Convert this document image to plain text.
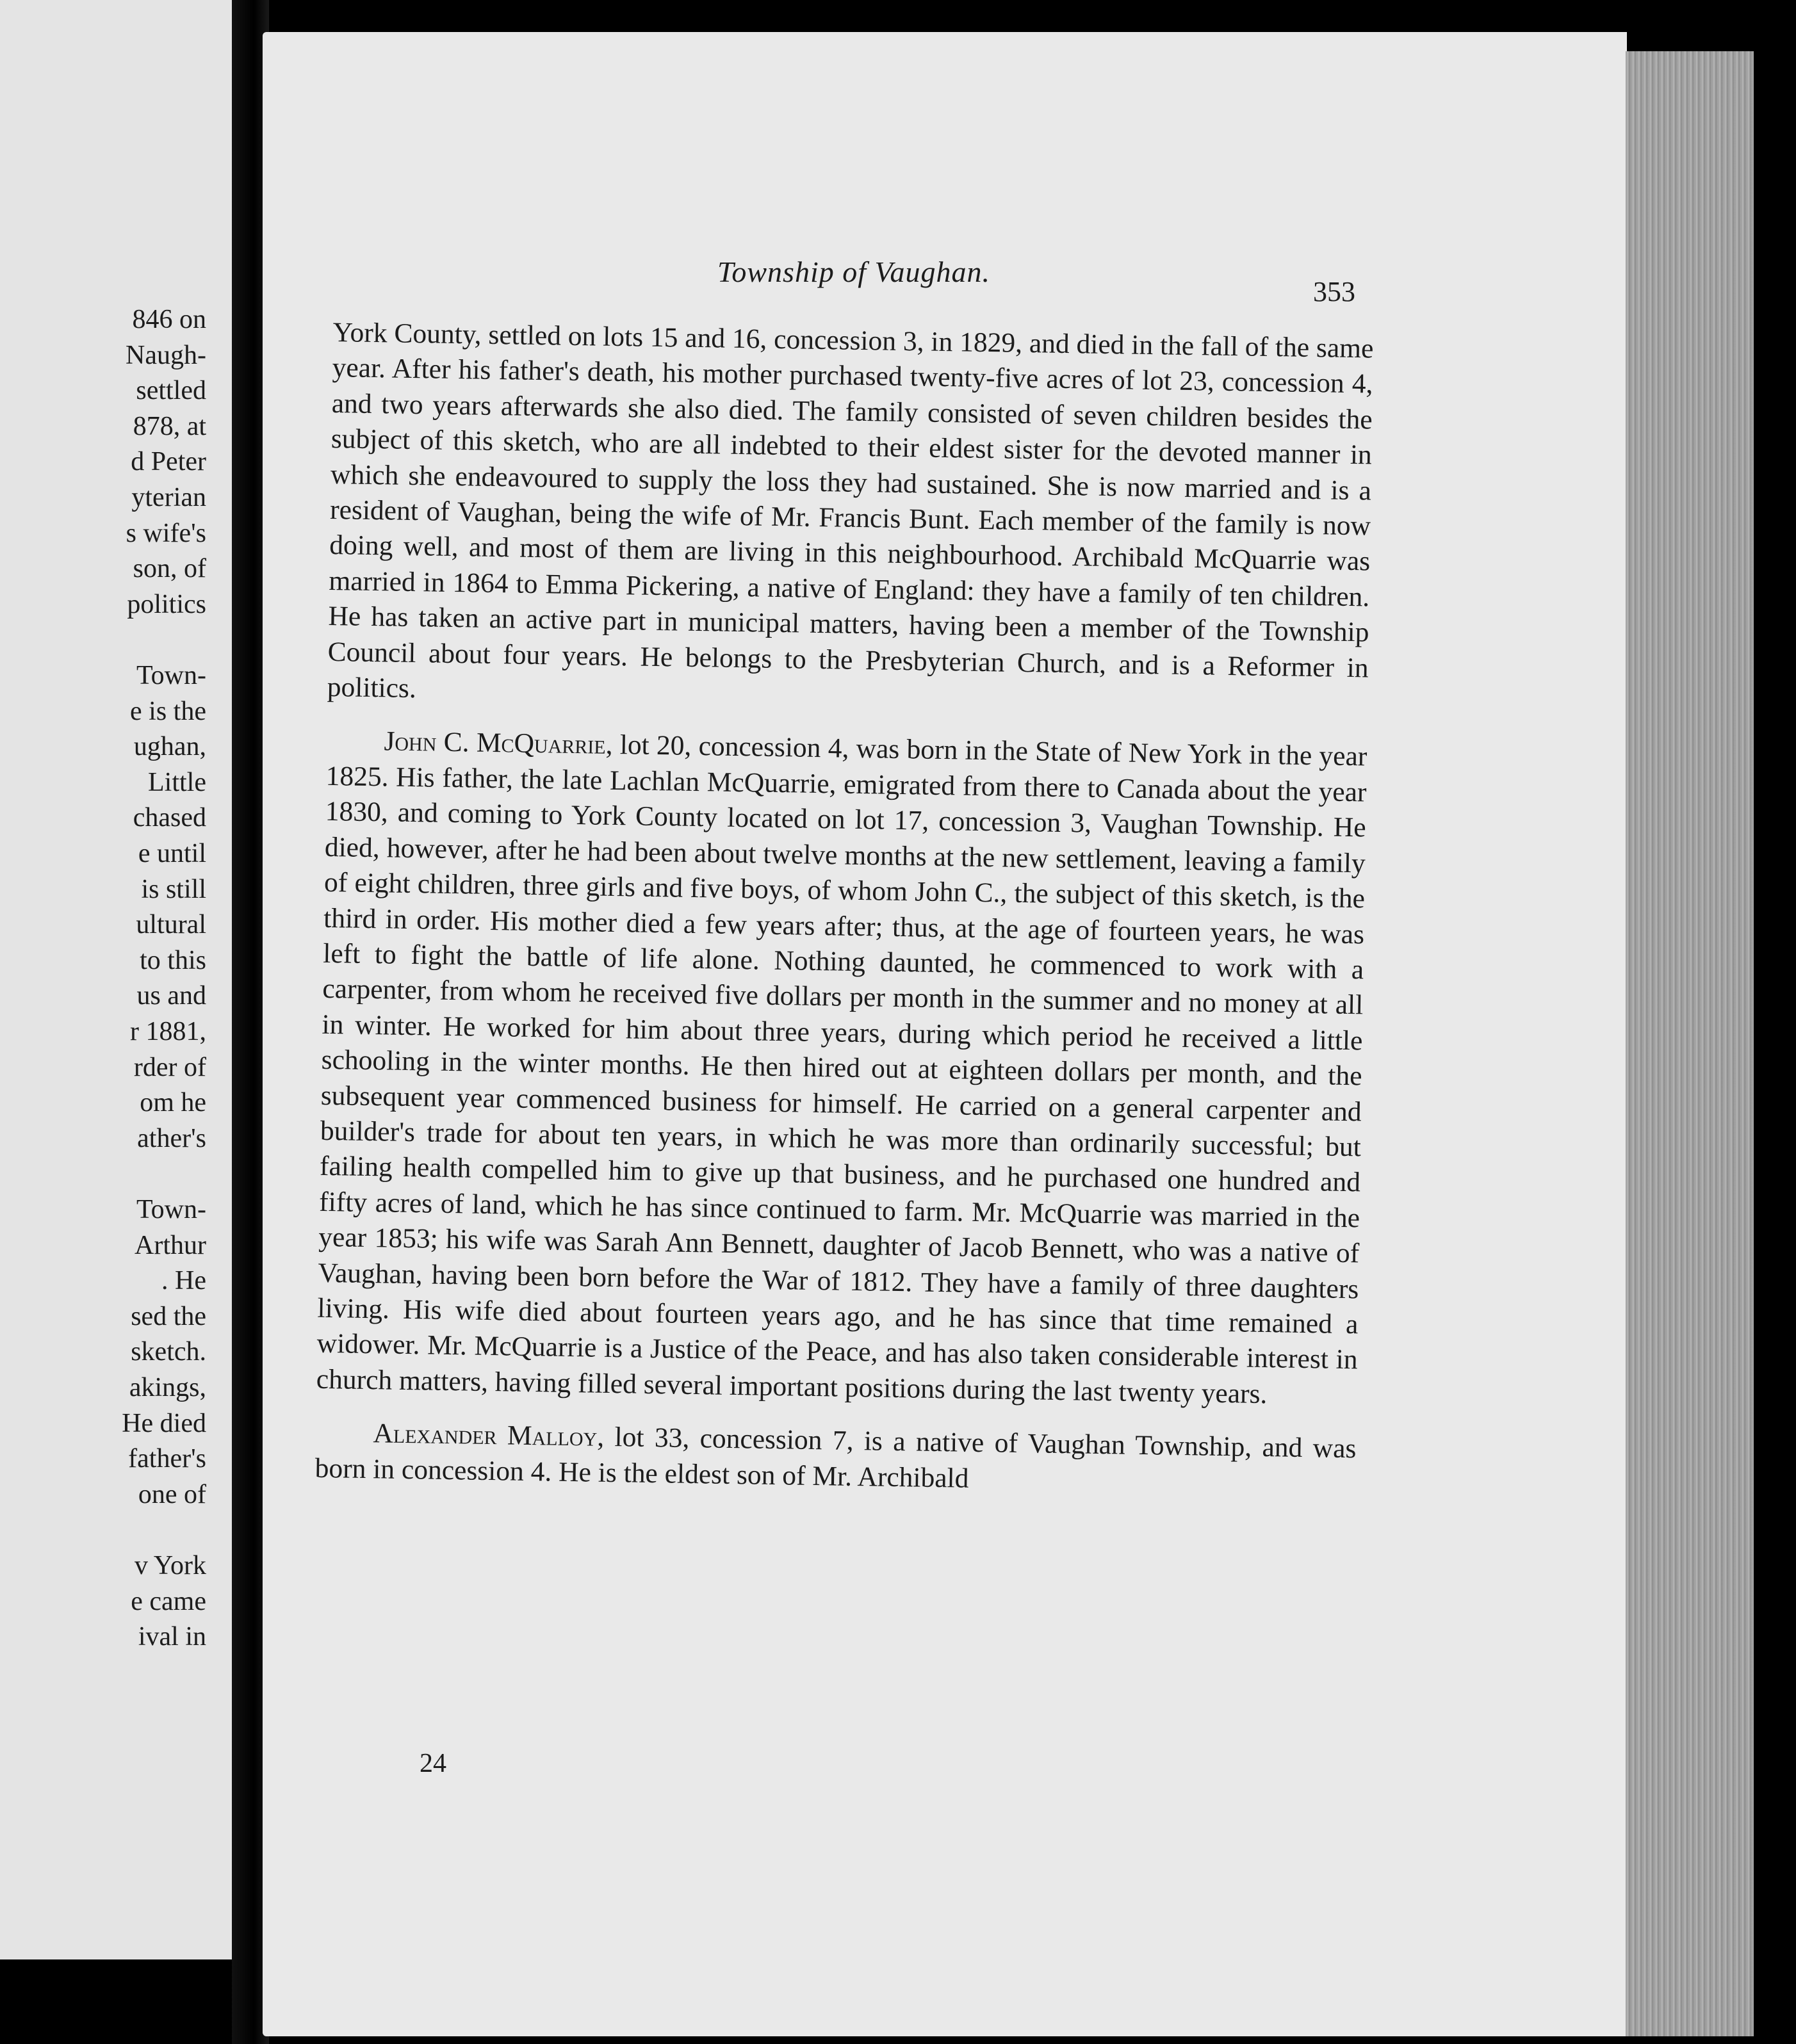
846 on
Naugh-
settled
878, at
d Peter
yterian
s wife's
son, of
politics
Town-
e is the
ughan,
Little
chased
e until
is still
ultural
to this
us and
r 1881,
rder of
om he
ather's
Town-
Arthur
. He
sed the
sketch.
akings,
He died
father's
one of
v York
e came
ival in
Township of Vaughan.
353

York County, settled on lots 15 and 16, concession 3, in 1829, and died in the fall of the same year. After his father's death, his mother purchased twenty-five acres of lot 23, concession 4, and two years afterwards she also died. The family consisted of seven children besides the subject of this sketch, who are all indebted to their eldest sister for the devoted manner in which she endeavoured to supply the loss they had sustained. She is now married and is a resident of Vaughan, being the wife of Mr. Francis Bunt. Each member of the family is now doing well, and most of them are living in this neighbourhood. Archibald McQuarrie was married in 1864 to Emma Pickering, a native of England: they have a family of ten children. He has taken an active part in municipal matters, having been a member of the Township Council about four years. He belongs to the Presbyterian Church, and is a Reformer in politics.

John C. McQuarrie, lot 20, concession 4, was born in the State of New York in the year 1825. His father, the late Lachlan McQuarrie, emigrated from there to Canada about the year 1830, and coming to York County located on lot 17, concession 3, Vaughan Township. He died, however, after he had been about twelve months at the new settlement, leaving a family of eight children, three girls and five boys, of whom John C., the subject of this sketch, is the third in order. His mother died a few years after; thus, at the age of fourteen years, he was left to fight the battle of life alone. Nothing daunted, he commenced to work with a carpenter, from whom he received five dollars per month in the summer and no money at all in winter. He worked for him about three years, during which period he received a little schooling in the winter months. He then hired out at eighteen dollars per month, and the subsequent year commenced business for himself. He carried on a general carpenter and builder's trade for about ten years, in which he was more than ordinarily successful; but failing health compelled him to give up that business, and he purchased one hundred and fifty acres of land, which he has since continued to farm. Mr. McQuarrie was married in the year 1853; his wife was Sarah Ann Bennett, daughter of Jacob Bennett, who was a native of Vaughan, having been born before the War of 1812. They have a family of three daughters living. His wife died about fourteen years ago, and he has since that time remained a widower. Mr. McQuarrie is a Justice of the Peace, and has also taken considerable interest in church matters, having filled several important positions during the last twenty years.

Alexander Malloy, lot 33, concession 7, is a native of Vaughan Township, and was born in concession 4. He is the eldest son of Mr. Archibald

24
